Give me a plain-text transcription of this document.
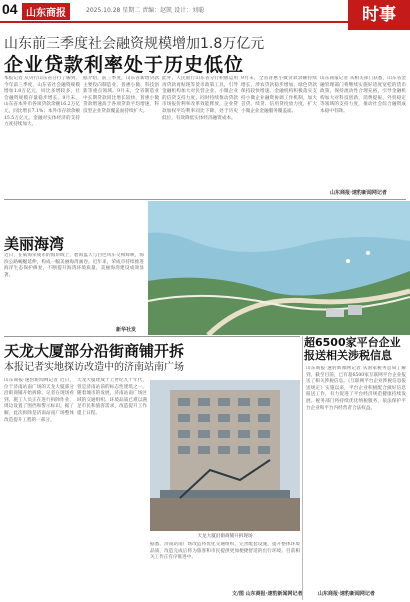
04 山东商报	2025.10.28 星期二 责编：赵凯 设计：刘聪	时事
山东前三季度社会融资规模增加1.8万亿元
企业贷款利率处于历史低位
本报记者 从央行山东省分行了解到，今年前三季度，山东省社会融资规模增加1.8万亿元，同比多增较多，社会融资规模存量稳步增长。9月末，山东省本外币各项贷款余额16.2万亿元，同比增长7.1%；本外币存款余额15.5万亿元。金融对实体经济的支持力度持续加大。
据介绍，前三季度，山东省新增贷款主要投向制造业、普惠小微、科技创新等重点领域。9月末，全省制造业中长期贷款同比增长较快，普惠小微贷款增速高于各项贷款平均增速，科技型企业贷款覆盖面持续扩大。
此外，人民银行山东省分行积极运用再贷款再贴现等货币政策工具，引导金融机构加大对民营企业、小微企业的信贷支持力度。同时持续推动贷款市场报价利率改革效能释放，企业贷款加权平均利率同比下降，处于历史低位，有效降低实体经济融资成本。
9月末，全省普惠小微贷款余额持续增长，涉农贷款稳步增加，绿色贷款保持较快增速。金融机构积极落实支持小微企业融资协调工作机制，加大首贷、续贷、信用贷投放力度，扩大小微企业金融服务覆盖面。
山东商报记者 从相关部门获悉，山东省金融管理部门将继续实施好适度宽松的货币政策，保持流动性合理充裕，引导金融机构加大对科技创新、消费提振、外贸稳定等领域的支持力度，推动社会综合融资成本稳中有降。
山东商报·速豹新闻网记者
美丽海湾
近日，在威海荣成市的海岸线上，碧海蓝天与白色风车交相辉映，海滨公路蜿蜒延伸，构成一幅美丽海湾画卷。近年来，荣成市持续推进海洋生态保护修复，不断提升海湾环境质量，美丽海湾建设成效显著。
新华社发
天龙大厦部分沿街商铺开拆
本报记者实地探访改造中的济南站南广场
山东商报·速豹新闻网记者 近日，位于济南站南广场的天龙大厦部分沿街商铺开始拆除。记者在现场看到，施工人员正在进行拆除作业，周边设置了围挡和警示标识。据了解，此次拆除是济南站南广场整体改造提升工程的一部分。
天龙大厦建成于上世纪九十年代，曾是济南站前的标志性建筑之一。随着城市的发展，济南站南广场区域的交通组织、环境品质已难以满足市民和旅客需求，改造提升工作提上日程。
天龙大厦沿街商铺开拆现场
据悉，济南站南广场改造将优化交通组织，完善配套设施，提升整体环境品质，改造完成后将为旅客和市民提供更加便捷舒适的出行环境。目前相关工作正有序推进中。
文/图 山东商报·速豹新闻网记者
超6500家平台企业
报送相关涉税信息
山东商报·速豹新闻网记者 从国家税务总局了解到，截至目前，已有超6500家互联网平台企业报送了相关涉税信息。《互联网平台企业涉税信息报送规定》实施以来，平台企业积极配合做好信息报送工作，有力促进了平台经济规范健康持续发展。税务部门将持续优化纳税服务，依法保护平台企业和平台内经营者合法权益。
山东商报·速豹新闻网记者
